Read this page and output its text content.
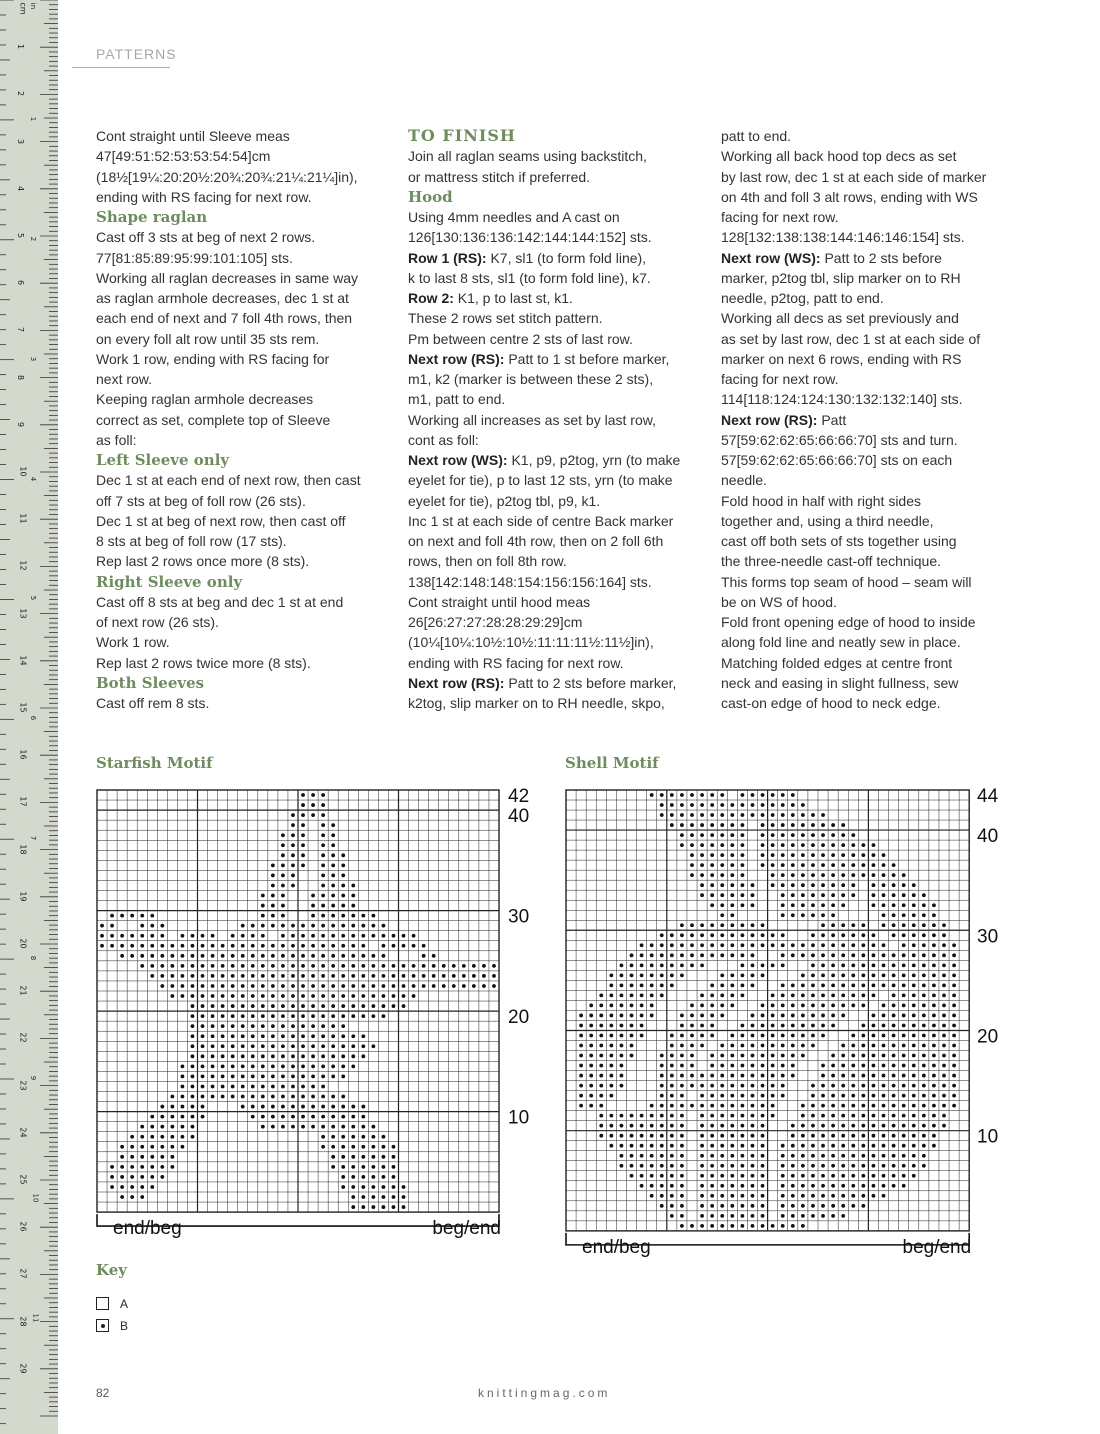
in
cm
1
2
3
4
5
6
7
8
9
10
11
12
13
14
15
16
17
18
19
20
21
22
23
24
25
26
27
28
29
1
2
3
4
5
6
7
8
9
10
11
PATTERNS

Cont straight until Sleeve meas

47[49:51:52:53:53:54:54]cm

(18½[19¼:20:20½:20¾:20¾:21¼:21¼]in),

ending with RS facing for next row.

Shape raglan

Cast off 3 sts at beg of next 2 rows.

77[81:85:89:95:99:101:105] sts.

Working all raglan decreases in same way

as raglan armhole decreases, dec 1 st at

each end of next and 7 foll 4th rows, then

on every foll alt row until 35 sts rem.

Work 1 row, ending with RS facing for

next row.

Keeping raglan armhole decreases

correct as set, complete top of Sleeve

as foll:

Left Sleeve only

Dec 1 st at each end of next row, then cast

off 7 sts at beg of foll row (26 sts).

Dec 1 st at beg of next row, then cast off

8 sts at beg of foll row (17 sts).

Rep last 2 rows once more (8 sts).

Right Sleeve only

Cast off 8 sts at beg and dec 1 st at end

of next row (26 sts).

Work 1 row.

Rep last 2 rows twice more (8 sts).

Both Sleeves

Cast off rem 8 sts.

TO FINISH

Join all raglan seams using backstitch,

or mattress stitch if preferred.

Hood

Using 4mm needles and A cast on

126[130:136:136:142:144:144:152] sts.

Row 1 (RS): K7, sl1 (to form fold line),

k to last 8 sts, sl1 (to form fold line), k7.

Row 2: K1, p to last st, k1.

These 2 rows set stitch pattern.

Pm between centre 2 sts of last row.

Next row (RS): Patt to 1 st before marker,

m1, k2 (marker is between these 2 sts),

m1, patt to end.

Working all increases as set by last row,

cont as foll:

Next row (WS): K1, p9, p2tog, yrn (to make

eyelet for tie), p to last 12 sts, yrn (to make

eyelet for tie), p2tog tbl, p9, k1.

Inc 1 st at each side of centre Back marker

on next and foll 4th row, then on 2 foll 6th

rows, then on foll 8th row.

138[142:148:148:154:156:156:164] sts.

Cont straight until hood meas

26[26:27:27:28:28:29:29]cm

(10¼[10¼:10½:10½:11:11:11½:11½]in),

ending with RS facing for next row.

Next row (RS): Patt to 2 sts before marker,

k2tog, slip marker on to RH needle, skpo,

patt to end.

Working all back hood top decs as set

by last row, dec 1 st at each side of marker

on 4th and foll 3 alt rows, ending with WS

facing for next row.

128[132:138:138:144:146:146:154] sts.

Next row (WS): Patt to 2 sts before

marker, p2tog tbl, slip marker on to RH

needle, p2tog, patt to end.

Working all decs as set previously and

as set by last row, dec 1 st at each side of

marker on next 6 rows, ending with RS

facing for next row.

114[118:124:124:130:132:132:140] sts.

Next row (RS): Patt

57[59:62:62:65:66:66:70] sts and turn.

57[59:62:62:65:66:66:70] sts on each

needle.

Fold hood in half with right sides

together and, using a third needle,

cast off both sets of sts together using

the three-needle cast-off technique.

This forms top seam of hood – seam will

be on WS of hood.

Fold front opening edge of hood to inside

along fold line and neatly sew in place.

Matching folded edges at centre front

neck and easing in slight fullness, sew

cast-on edge of hood to neck edge.

Starfish Motif	Shell Motif
10
20
30
40
42
end/beg	beg/end
10
20
30
40
44
end/beg	beg/end
Key
A
B
82	knittingmag.com
